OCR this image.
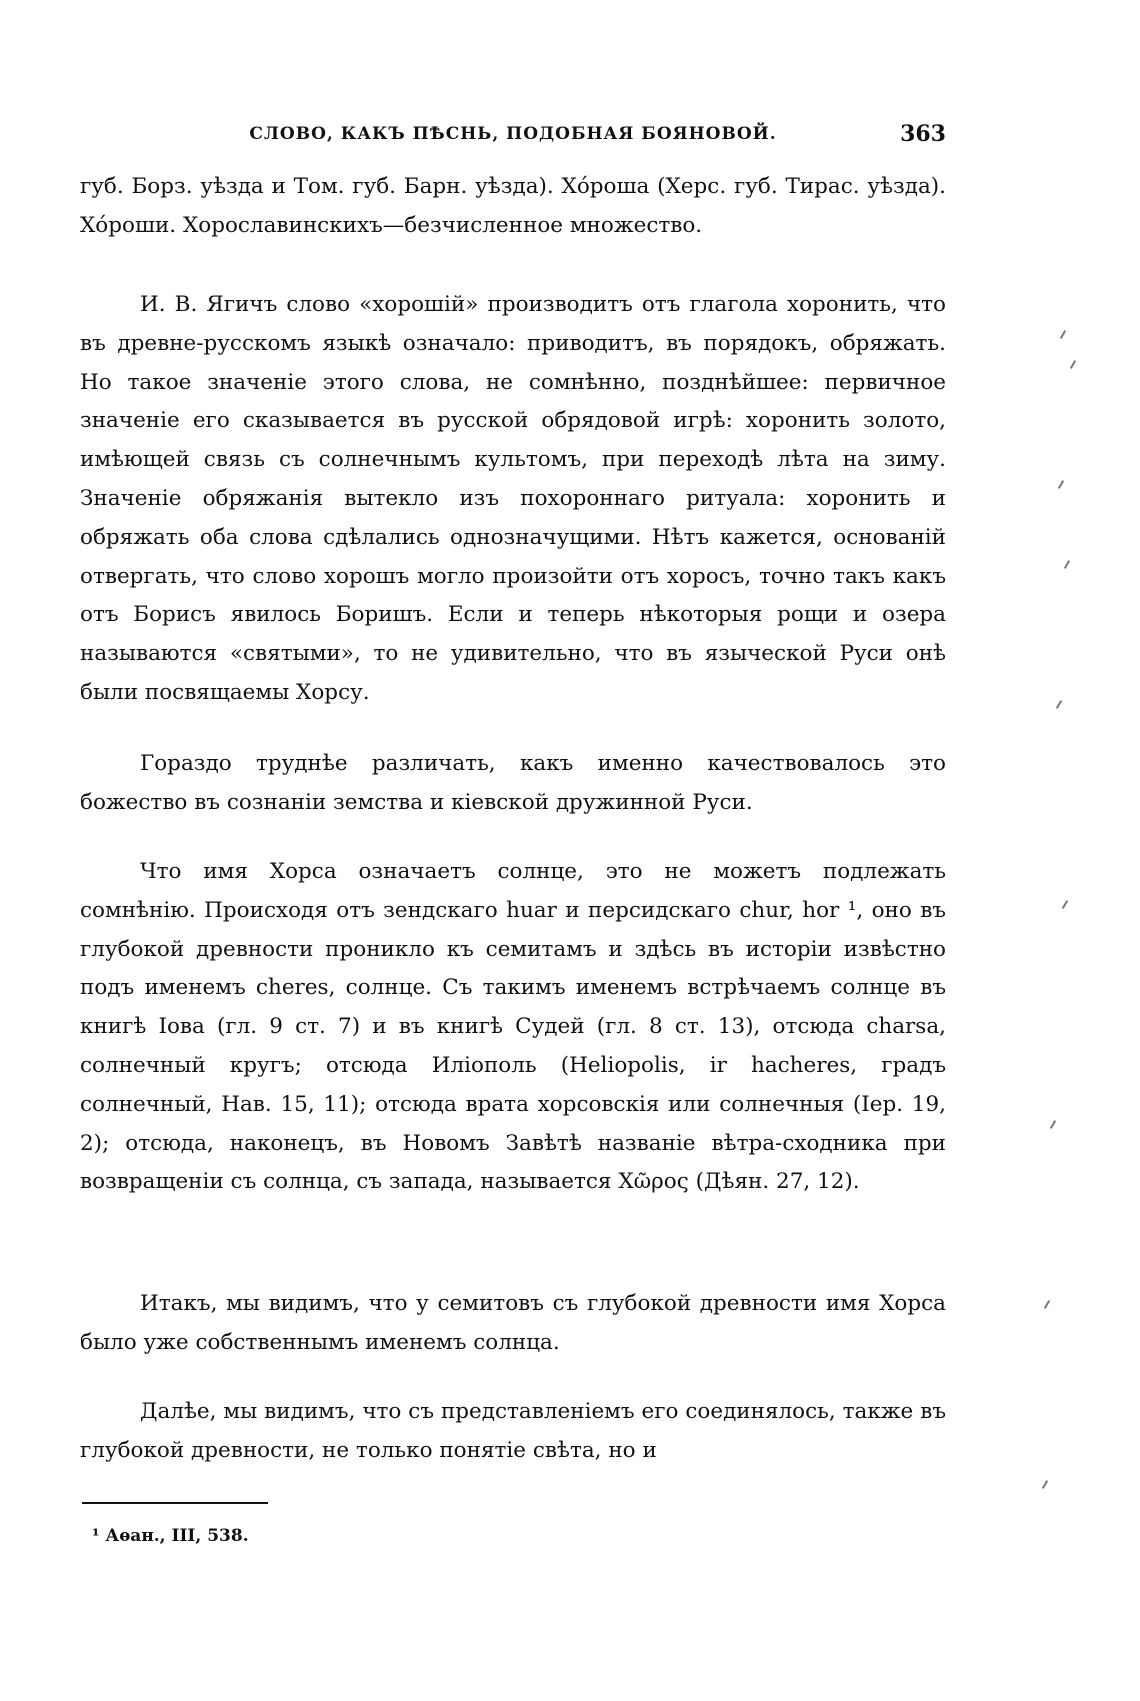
СЛОВО, КАКЪ ПѢСНЬ, ПОДОБНАЯ БОЯНОВОЙ.	363

губ. Борз. уѣзда и Том. губ. Барн. уѣзда). Хóроша (Херс. губ. Тирас. уѣзда). Хóроши. Хорославинскихъ—безчисленное множество.

И. В. Ягичъ слово «хорошій» производитъ отъ глагола хоронить, что въ древне-русскомъ языкѣ означало: приводитъ, въ порядокъ, обряжать. Но такое значеніе этого слова, не сомнѣнно, позднѣйшее: первичное значеніе его сказывается въ русской обрядовой игрѣ: хоронить золото, имѣющей связь съ солнечнымъ культомъ, при переходѣ лѣта на зиму. Значеніе обряжанія вытекло изъ похороннаго ритуала: хоронить и обряжать оба слова сдѣлались однозначущими. Нѣтъ кажется, основаній отвергать, что слово хорошъ могло произойти отъ хоросъ, точно такъ какъ отъ Борисъ явилось Боришъ. Если и теперь нѣкоторыя рощи и озера называются «святыми», то не удивительно, что въ языческой Руси онѣ были посвящаемы Хорсу.

Гораздо труднѣе различать, какъ именно качествовалось это божество въ сознаніи земства и кіевской дружинной Руси.

Что имя Хорса означаетъ солнце, это не можетъ подлежать сомнѣнію. Происходя отъ зендскаго huar и персидскаго chur, hor ¹, оно въ глубокой древности проникло къ семитамъ и здѣсь въ исторіи извѣстно подъ именемъ cheres, солнце. Съ такимъ именемъ встрѣчаемъ солнце въ книгѣ Іова (гл. 9 ст. 7) и въ книгѣ Судей (гл. 8 ст. 13), отсюда charsa, солнечный кругъ; отсюда Иліополь (Heliopolis, ir hacheres, градъ солнечный, Нав. 15, 11); отсюда врата хорсовскія или солнечныя (Іер. 19, 2); отсюда, наконецъ, въ Новомъ Завѣтѣ названіе вѣтра-сходника при возвращеніи съ солнца, съ запада, называется Χῶρος (Дѣян. 27, 12).

Итакъ, мы видимъ, что у семитовъ съ глубокой древности имя Хорса было уже собственнымъ именемъ солнца.

Далѣе, мы видимъ, что съ представленіемъ его соединялось, также въ глубокой древности, не только понятіе свѣта, но и

¹ Аѳан., III, 538.
